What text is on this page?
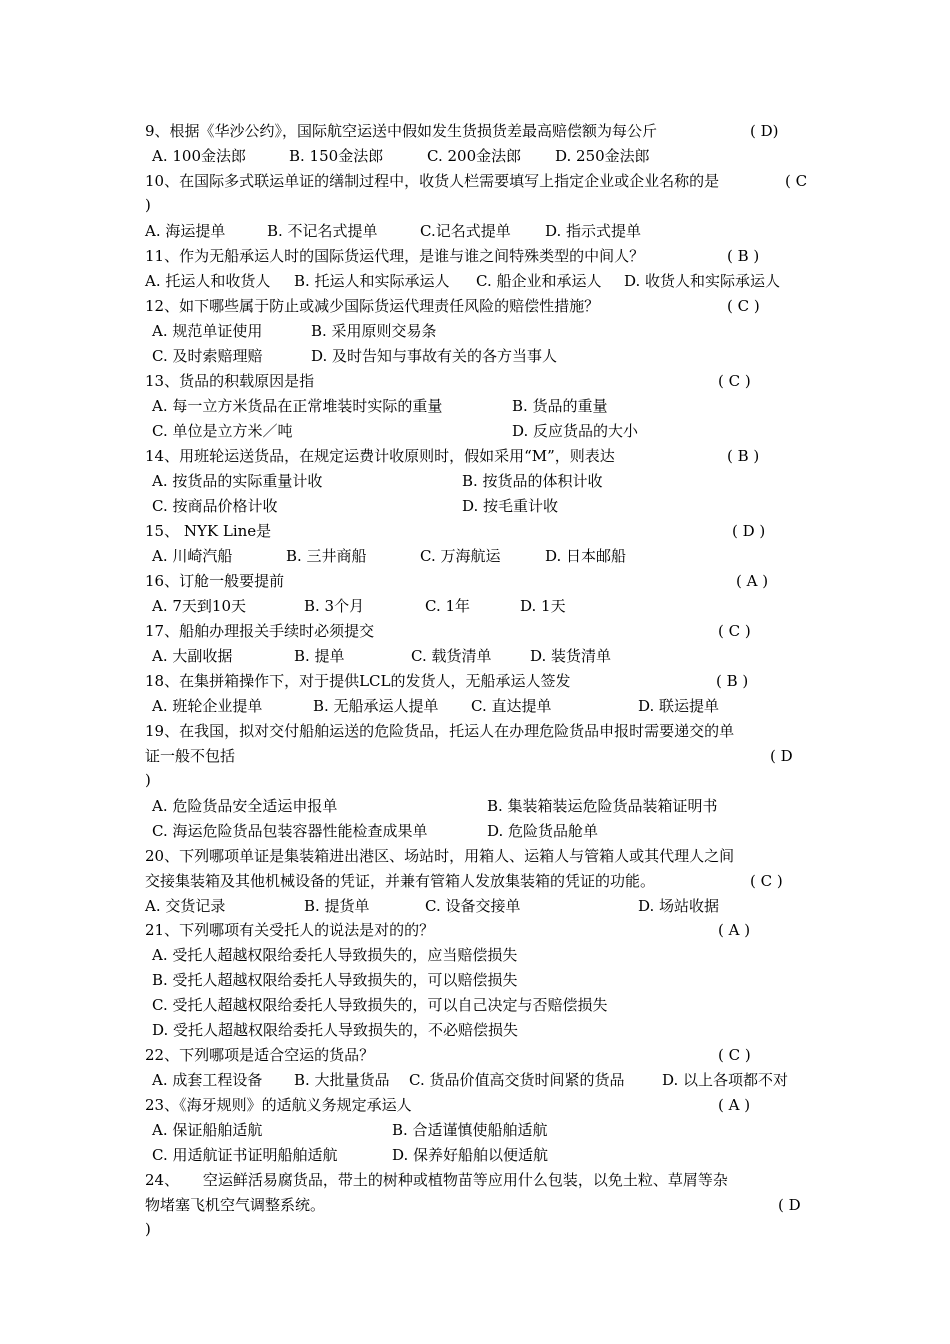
9、根据《华沙公约》，国际航空运送中假如发生货损货差最高赔偿额为每公斤	( D)
A. 100金法郎	B. 150金法郎	C. 200金法郎 D. 250金法郎
10、在国际多式联运单证的缮制过程中，收货人栏需要填写上指定企业或企业名称的是	( C
)
A. 海运提单	B. 不记名式提单	C.记名式提单 D. 指示式提单
11、作为无船承运人时的国际货运代理，是谁与谁之间特殊类型的中间人？	( B )
A. 托运人和收货人 B. 托运人和实际承运人 C. 船企业和承运人 D. 收货人和实际承运人
12、如下哪些属于防止或减少国际货运代理责任风险的赔偿性措施？	( C )
A. 规范单证使用	B. 采用原则交易条
C. 及时索赔理赔	D. 及时告知与事故有关的各方当事人
13、货品的积载原因是指	( C )
A. 每一立方米货品在正常堆装时实际的重量	B. 货品的重量
C. 单位是立方米／吨	D. 反应货品的大小
14、用班轮运送货品，在规定运费计收原则时，假如采用“M”，则表达	( B )
A. 按货品的实际重量计收	B. 按货品的体积计收
C. 按商品价格计收	D. 按毛重计收
15、 NYK Line是	( D )
A. 川崎汽船	B. 三井商船	C. 万海航运	D. 日本邮船
16、订舱一般要提前	( A )
A. 7天到10天	B. 3个月	C. 1年	D. 1天
17、船舶办理报关手续时必须提交	( C )
A. 大副收据	B. 提单	C. 载货清单	D. 装货清单
18、在集拼箱操作下，对于提供LCL的发货人，无船承运人签发	( B )
A. 班轮企业提单	B. 无船承运人提单 C. 直达提单	D. 联运提单
19、在我国，拟对交付船舶运送的危险货品，托运人在办理危险货品申报时需要递交的单
证一般不包括	( D
)
A. 危险货品安全适运申报单	B. 集装箱装运危险货品装箱证明书
C. 海运危险货品包装容器性能检查成果单	D. 危险货品舱单
20、下列哪项单证是集装箱进出港区、场站时，用箱人、运箱人与管箱人或其代理人之间
交接集装箱及其他机械设备的凭证，并兼有管箱人发放集装箱的凭证的功能。	( C )
A. 交货记录	B. 提货单	C. 设备交接单	D. 场站收据
21、下列哪项有关受托人的说法是对的的？	( A )
A. 受托人超越权限给委托人导致损失的，应当赔偿损失
B. 受托人超越权限给委托人导致损失的，可以赔偿损失
C. 受托人超越权限给委托人导致损失的，可以自己决定与否赔偿损失
D. 受托人超越权限给委托人导致损失的，不必赔偿损失
22、下列哪项是适合空运的货品？	( C )
A. 成套工程设备 B. 大批量货品 C. 货品价值高交货时间紧的货品	D. 以上各项都不对
23、《海牙规则》的适航义务规定承运人	( A )
A. 保证船舶适航	B. 合适谨慎使船舶适航
C. 用适航证书证明船舶适航	D. 保养好船舶以便适航
24、     空运鲜活易腐货品，带土的树种或植物苗等应用什么包装，以免土粒、草屑等杂
物堵塞飞机空气调整系统。	( D
)
